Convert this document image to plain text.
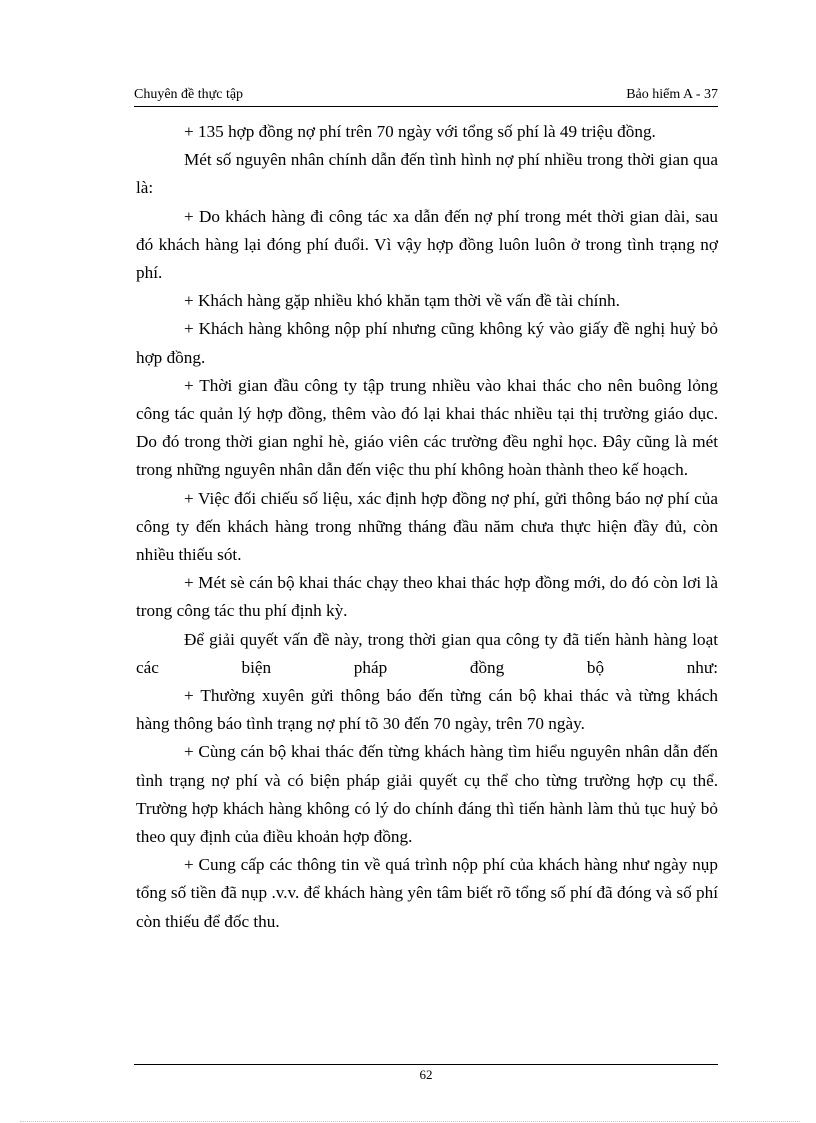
Chuyên đề thực tập	Bảo hiểm A - 37

+ 135 hợp đồng nợ phí trên 70 ngày với tổng số phí là 49 triệu đồng.

Mét số nguyên nhân chính dẫn đến tình hình nợ phí nhiều trong thời gian qua là:

+ Do khách hàng đi công tác xa dẫn đến nợ phí trong mét thời gian dài, sau đó khách hàng lại đóng phí đuổi. Vì vậy hợp đồng luôn luôn ở trong tình trạng nợ phí.

+ Khách hàng gặp nhiều khó khăn tạm thời về vấn đề tài chính.

+ Khách hàng không nộp phí nhưng cũng không ký vào giấy đề nghị huỷ bỏ hợp đồng.

+ Thời gian đầu công ty tập trung nhiều vào khai thác cho nên buông lỏng công tác quản lý hợp đồng, thêm vào đó lại khai thác nhiều tại thị trường giáo dục. Do đó trong thời gian nghỉ hè, giáo viên các trường đều nghỉ học. Đây cũng là mét trong những nguyên nhân dẫn đến việc thu phí không hoàn thành theo kế hoạch.

+ Việc đối chiếu số liệu, xác định hợp đồng nợ phí, gửi thông báo nợ phí của công ty đến khách hàng trong những tháng đầu năm chưa thực hiện đầy đủ, còn nhiều thiếu sót.

+ Mét sè cán bộ khai thác chạy theo khai thác hợp đồng mới, do đó còn lơi là trong công tác thu phí định kỳ.

Để giải quyết vấn đề này, trong thời gian qua công ty đã tiến hành hàng loạt các biện pháp đồng bộ như:

+ Thường xuyên gửi thông báo đến từng cán bộ khai thác và từng khách hàng thông báo tình trạng nợ phí tõ 30 đến 70 ngày, trên 70 ngày.

+ Cùng cán bộ khai thác đến từng khách hàng tìm hiểu nguyên nhân dẫn đến tình trạng nợ phí và có biện pháp giải quyết cụ thể cho từng trường hợp cụ thể. Trường hợp khách hàng không có lý do chính đáng thì tiến hành làm thủ tục huỷ bỏ theo quy định của điều khoản hợp đồng.

+ Cung cấp các thông tin về quá trình nộp phí của khách hàng như ngày nụp tổng số tiền đã nụp .v.v. để khách hàng yên tâm biết rõ tổng số phí đã đóng và số phí còn thiếu để đốc thu.

62
